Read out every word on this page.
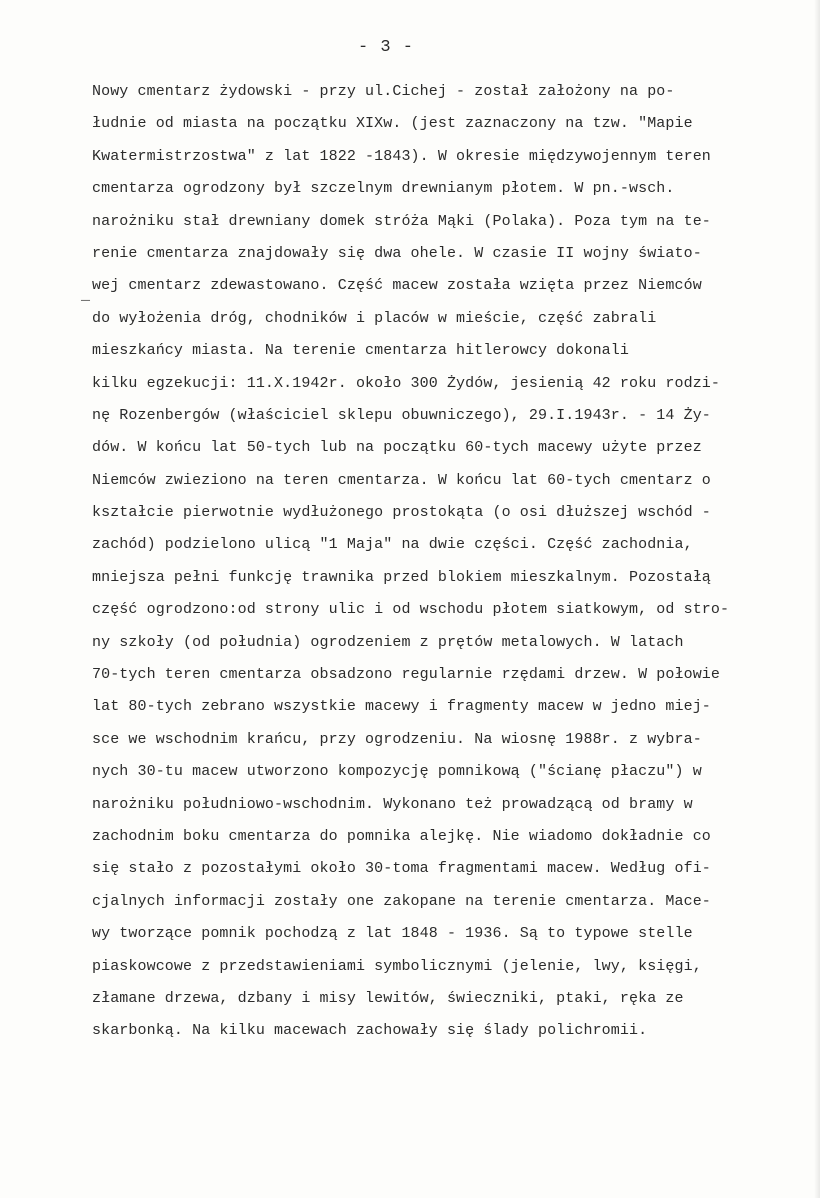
- 3 -

_
Nowy cmentarz żydowski - przy ul.Cichej - został założony na po-
łudnie od miasta na początku XIXw. (jest zaznaczony na tzw. "Mapie
Kwatermistrzostwa" z lat 1822 -1843). W okresie międzywojennym teren
cmentarza ogrodzony był szczelnym drewnianym płotem. W pn.-wsch.
narożniku stał drewniany domek stróża Mąki (Polaka). Poza tym na te-
renie cmentarza znajdowały się dwa ohele. W czasie II wojny świato-
wej cmentarz zdewastowano. Część macew została wzięta przez Niemców
do wyłożenia dróg, chodników i placów w mieście, część zabrali
mieszkańcy miasta. Na terenie cmentarza hitlerowcy dokonali
kilku egzekucji: 11.X.1942r. około 300 Żydów, jesienią 42 roku rodzi-
nę Rozenbergów (właściciel sklepu obuwniczego), 29.I.1943r. - 14 Ży-
dów. W końcu lat 50-tych lub na początku 60-tych macewy użyte przez
Niemców zwieziono na teren cmentarza. W końcu lat 60-tych cmentarz o
kształcie pierwotnie wydłużonego prostokąta (o osi dłuższej wschód -
zachód) podzielono ulicą "1 Maja" na dwie części. Część zachodnia,
mniejsza pełni funkcję trawnika przed blokiem mieszkalnym. Pozostałą
część ogrodzono:od strony ulic i od wschodu płotem siatkowym, od stro-
ny szkoły (od południa) ogrodzeniem z prętów metalowych. W latach
70-tych teren cmentarza obsadzono regularnie rzędami drzew. W połowie
lat 80-tych zebrano wszystkie macewy i fragmenty macew w jedno miej-
sce we wschodnim krańcu, przy ogrodzeniu. Na wiosnę 1988r. z wybra-
nych 30-tu macew utworzono kompozycję pomnikową ("ścianę płaczu") w
narożniku południowo-wschodnim. Wykonano też prowadzącą od bramy w
zachodnim boku cmentarza do pomnika alejkę. Nie wiadomo dokładnie co
się stało z pozostałymi około 30-toma fragmentami macew. Według ofi-
cjalnych informacji zostały one zakopane na terenie cmentarza. Mace-
wy tworzące pomnik pochodzą z lat 1848 - 1936. Są to typowe stelle
piaskowcowe z przedstawieniami symbolicznymi (jelenie, lwy, księgi,
złamane drzewa, dzbany i misy lewitów, świeczniki, ptaki, ręka ze
skarbonką. Na kilku macewach zachowały się ślady polichromii.
